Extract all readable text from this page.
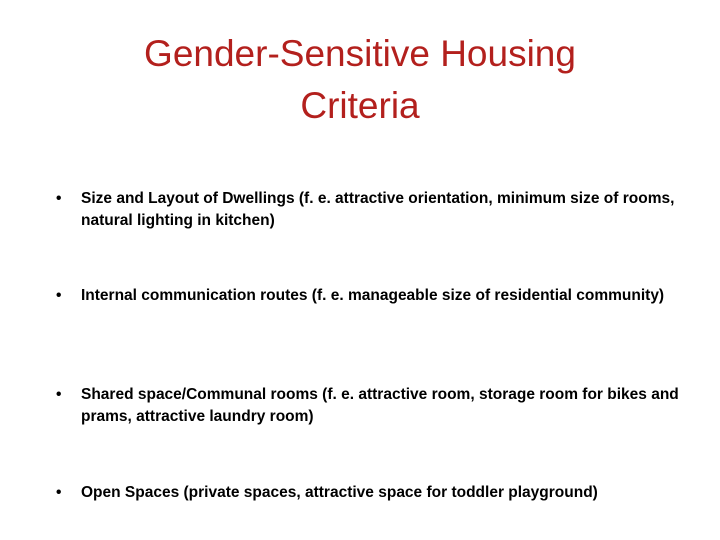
Gender-Sensitive Housing
Criteria
•	Size and Layout of Dwellings (f. e. attractive orientation, minimum size of rooms, natural lighting in kitchen)
•	Internal communication routes (f. e. manageable size of residential community)
•	Shared space/Communal rooms (f. e. attractive room, storage room for bikes and prams, attractive laundry room)
•	Open Spaces (private spaces, attractive space for toddler playground)
